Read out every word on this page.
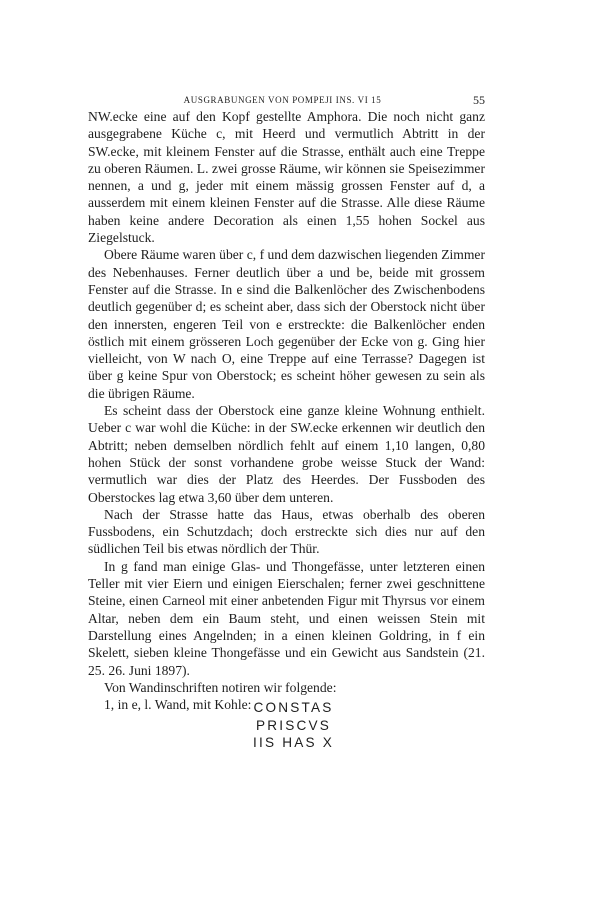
AUSGRABUNGEN VON POMPEJI INS. VI 15	55

NW.ecke eine auf den Kopf gestellte Amphora. Die noch nicht ganz ausgegrabene Küche c, mit Heerd und vermutlich Abtritt in der SW.ecke, mit kleinem Fenster auf die Strasse, enthält auch eine Treppe zu oberen Räumen. L. zwei grosse Räume, wir können sie Speisezimmer nennen, a und g, jeder mit einem mässig grossen Fenster auf d, a ausserdem mit einem kleinen Fenster auf die Strasse. Alle diese Räume haben keine andere Decoration als einen 1,55 hohen Sockel aus Ziegelstuck.

Obere Räume waren über c, f und dem dazwischen liegenden Zimmer des Nebenhauses. Ferner deutlich über a und be, beide mit grossem Fenster auf die Strasse. In e sind die Balkenlöcher des Zwischenbodens deutlich gegenüber d; es scheint aber, dass sich der Oberstock nicht über den innersten, engeren Teil von e erstreckte: die Balkenlöcher enden östlich mit einem grösseren Loch gegenüber der Ecke von g. Ging hier vielleicht, von W nach O, eine Treppe auf eine Terrasse? Dagegen ist über g keine Spur von Oberstock; es scheint höher gewesen zu sein als die übrigen Räume.

Es scheint dass der Oberstock eine ganze kleine Wohnung enthielt. Ueber c war wohl die Küche: in der SW.ecke erkennen wir deutlich den Abtritt; neben demselben nördlich fehlt auf einem 1,10 langen, 0,80 hohen Stück der sonst vorhandene grobe weisse Stuck der Wand: vermutlich war dies der Platz des Heerdes. Der Fussboden des Oberstockes lag etwa 3,60 über dem unteren.

Nach der Strasse hatte das Haus, etwas oberhalb des oberen Fussbodens, ein Schutzdach; doch erstreckte sich dies nur auf den südlichen Teil bis etwas nördlich der Thür.

In g fand man einige Glas- und Thongefässe, unter letzteren einen Teller mit vier Eiern und einigen Eierschalen; ferner zwei geschnittene Steine, einen Carneol mit einer anbetenden Figur mit Thyrsus vor einem Altar, neben dem ein Baum steht, und einen weissen Stein mit Darstellung eines Angelnden; in a einen kleinen Goldring, in f ein Skelett, sieben kleine Thongefässe und ein Gewicht aus Sandstein (21. 25. 26. Juni 1897).

Von Wandinschriften notiren wir folgende:

1, in e, l. Wand, mit Kohle: CONSTAS
PRISCVS
IIS HAS X
